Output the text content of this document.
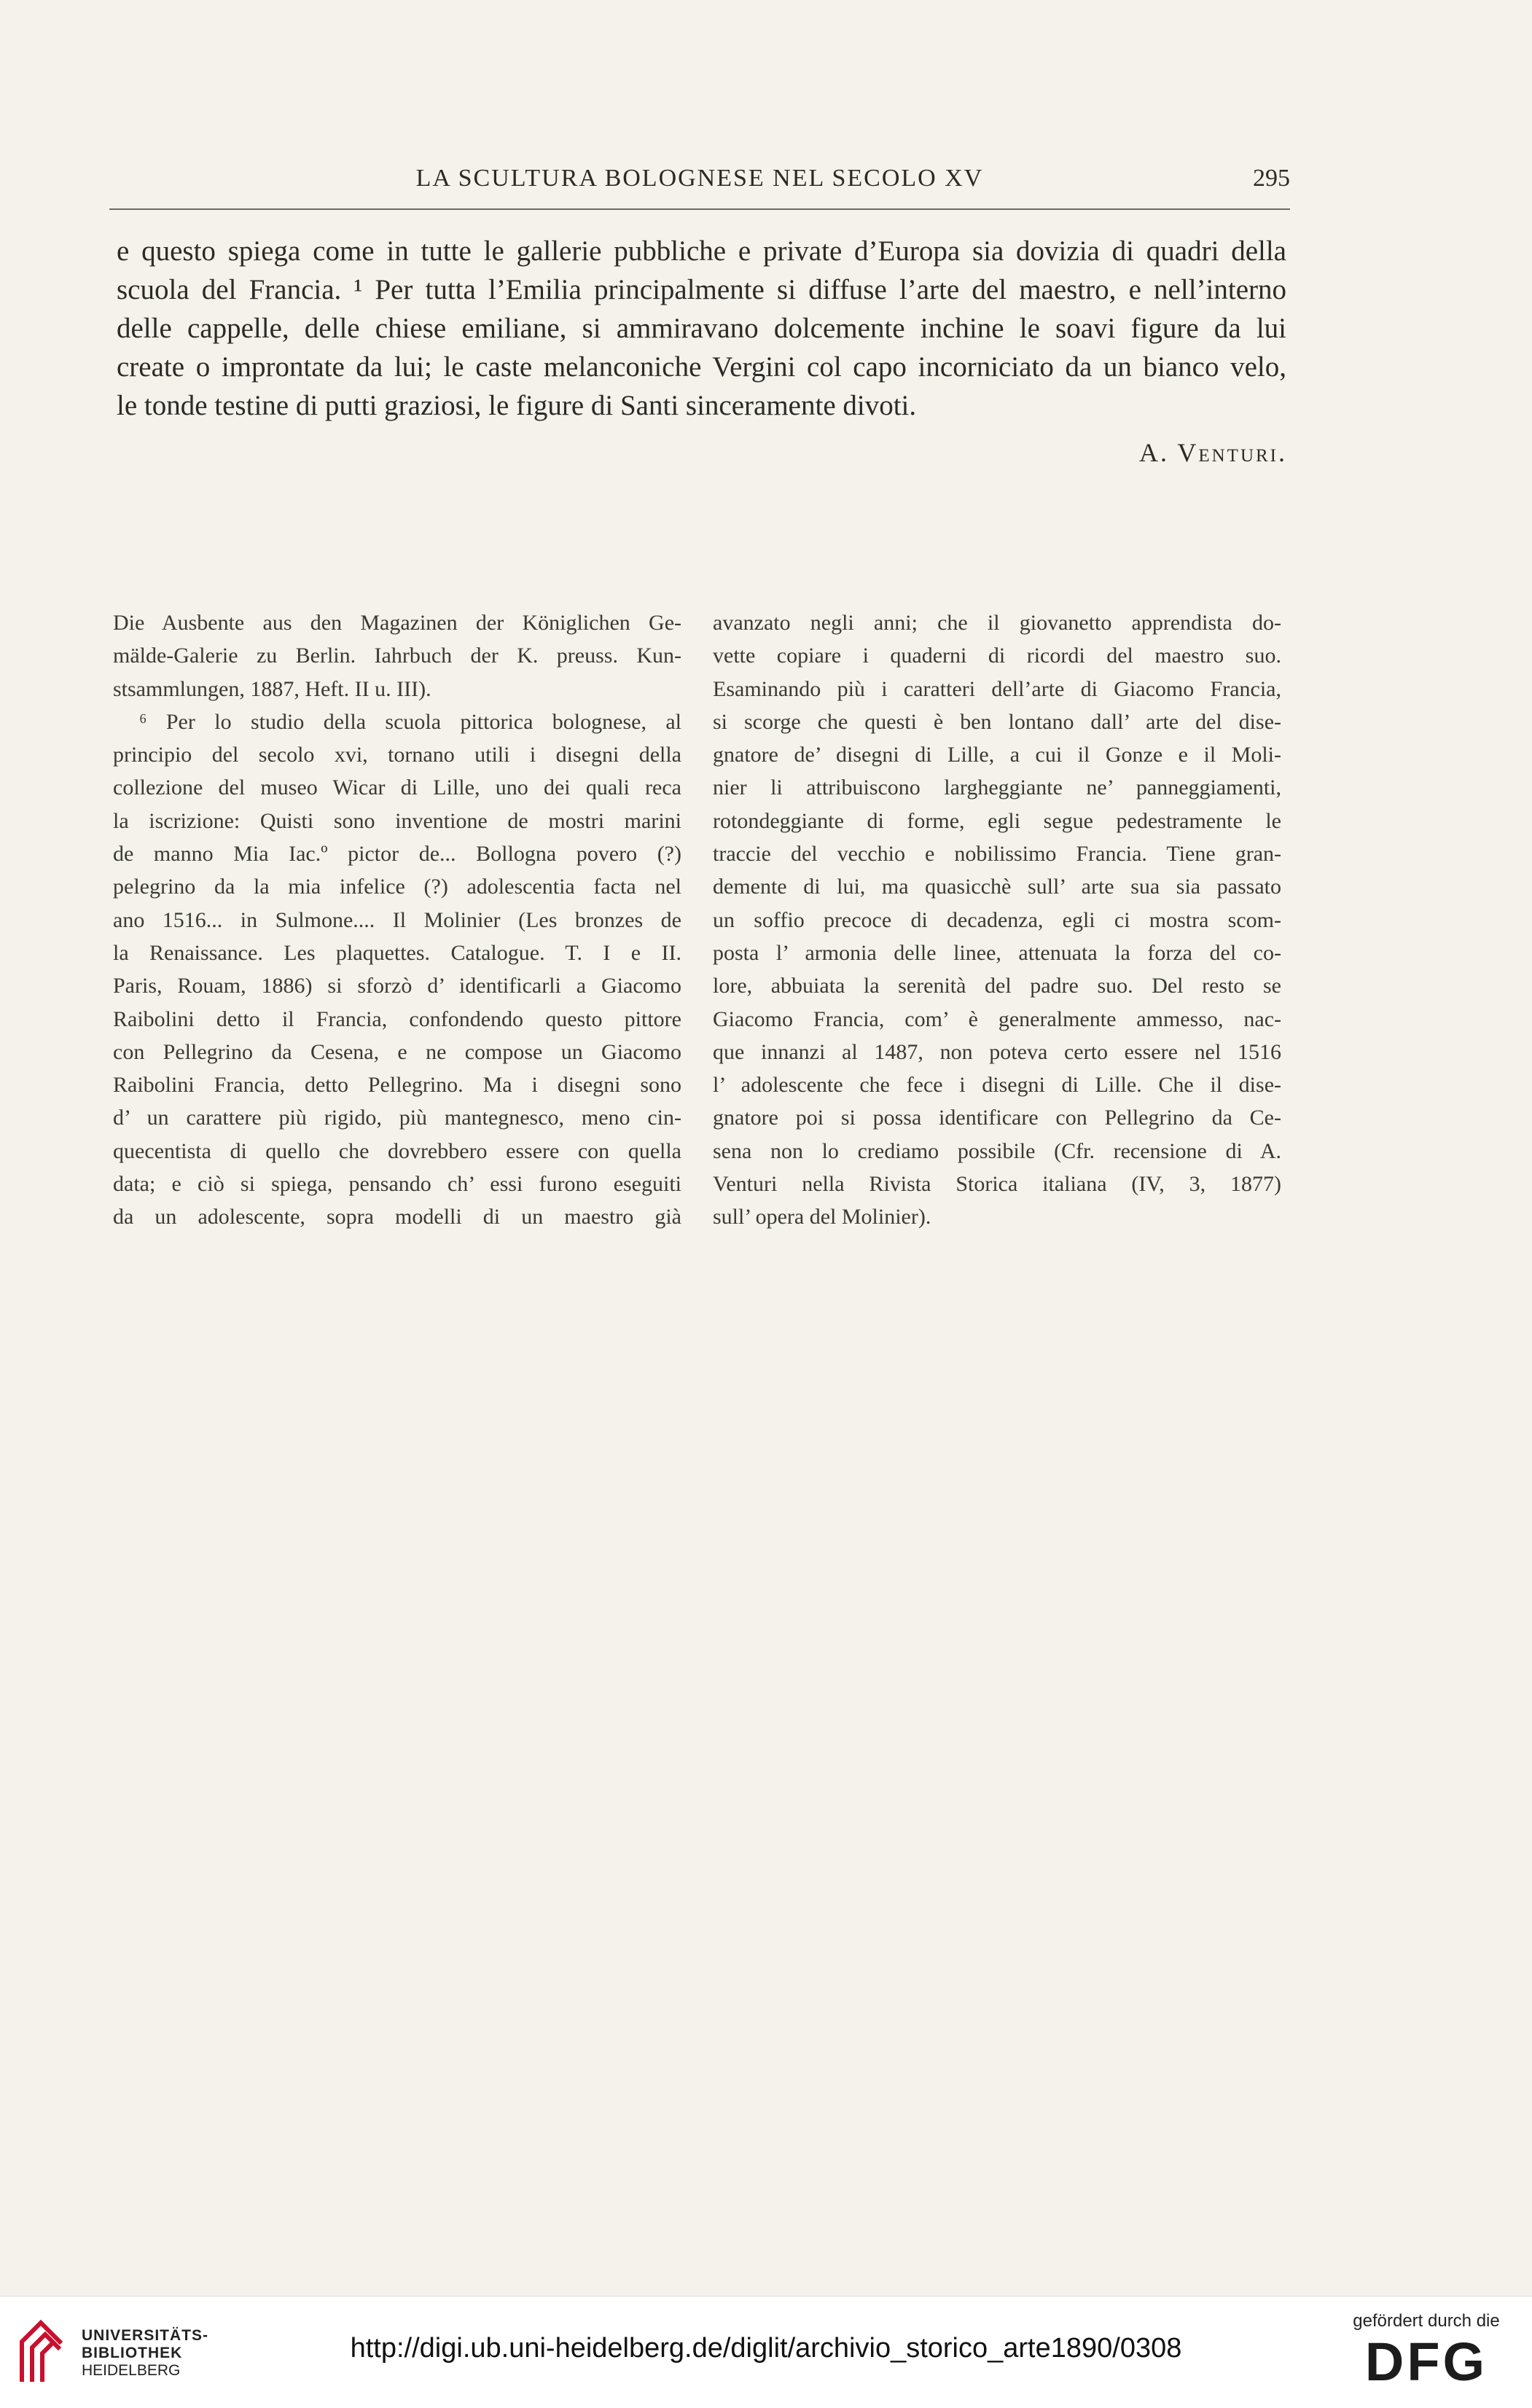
LA SCULTURA BOLOGNESE NEL SECOLO XV	295
e questo spiega come in tutte le gallerie pubbliche e private d’Europa sia dovizia di quadri della
scuola del Francia. ¹ Per tutta l’Emilia principalmente si diffuse l’arte del maestro, e nell’interno
delle cappelle, delle chiese emiliane, si ammiravano dolcemente inchine le soavi figure da lui
create o improntate da lui; le caste melanconiche Vergini col capo incorniciato da un bianco velo,
le tonde testine di putti graziosi, le figure di Santi sinceramente divoti.
A. Venturi.
Die Ausbente aus den Magazinen der Königlichen Ge-
mälde-Galerie zu Berlin. Iahrbuch der K. preuss. Kun-
stsammlungen, 1887, Heft. II u. III).
⁶ Per lo studio della scuola pittorica bolognese, al
principio del secolo xvi, tornano utili i disegni della
collezione del museo Wicar di Lille, uno dei quali reca
la iscrizione: Quisti sono inventione de mostri marini
de manno Mia Iac.º pictor de... Bollogna povero (?)
pelegrino da la mia infelice (?) adolescentia facta nel
ano 1516... in Sulmone.... Il Molinier (Les bronzes de
la Renaissance. Les plaquettes. Catalogue. T. I e II.
Paris, Rouam, 1886) si sforzò d’ identificarli a Giacomo
Raibolini detto il Francia, confondendo questo pittore
con Pellegrino da Cesena, e ne compose un Giacomo
Raibolini Francia, detto Pellegrino. Ma i disegni sono
d’ un carattere più rigido, più mantegnesco, meno cin-
quecentista di quello che dovrebbero essere con quella
data; e ciò si spiega, pensando ch’ essi furono eseguiti
da un adolescente, sopra modelli di un maestro già
avanzato negli anni; che il giovanetto apprendista do-
vette copiare i quaderni di ricordi del maestro suo.
Esaminando più i caratteri dell’arte di Giacomo Francia,
si scorge che questi è ben lontano dall’ arte del dise-
gnatore de’ disegni di Lille, a cui il Gonze e il Moli-
nier li attribuiscono largheggiante ne’ panneggiamenti,
rotondeggiante di forme, egli segue pedestramente le
traccie del vecchio e nobilissimo Francia. Tiene gran-
demente di lui, ma quasicchè sull’ arte sua sia passato
un soffio precoce di decadenza, egli ci mostra scom-
posta l’ armonia delle linee, attenuata la forza del co-
lore, abbuiata la serenità del padre suo. Del resto se
Giacomo Francia, com’ è generalmente ammesso, nac-
que innanzi al 1487, non poteva certo essere nel 1516
l’ adolescente che fece i disegni di Lille. Che il dise-
gnatore poi si possa identificare con Pellegrino da Ce-
sena non lo crediamo possibile (Cfr. recensione di A.
Venturi nella Rivista Storica italiana (IV, 3, 1877)
sull’ opera del Molinier).
UNIVERSITÄTS-
BIBLIOTHEK
HEIDELBERG
http://digi.ub.uni-heidelberg.de/diglit/archivio_storico_arte1890/0308
gefördert durch die
DFG
